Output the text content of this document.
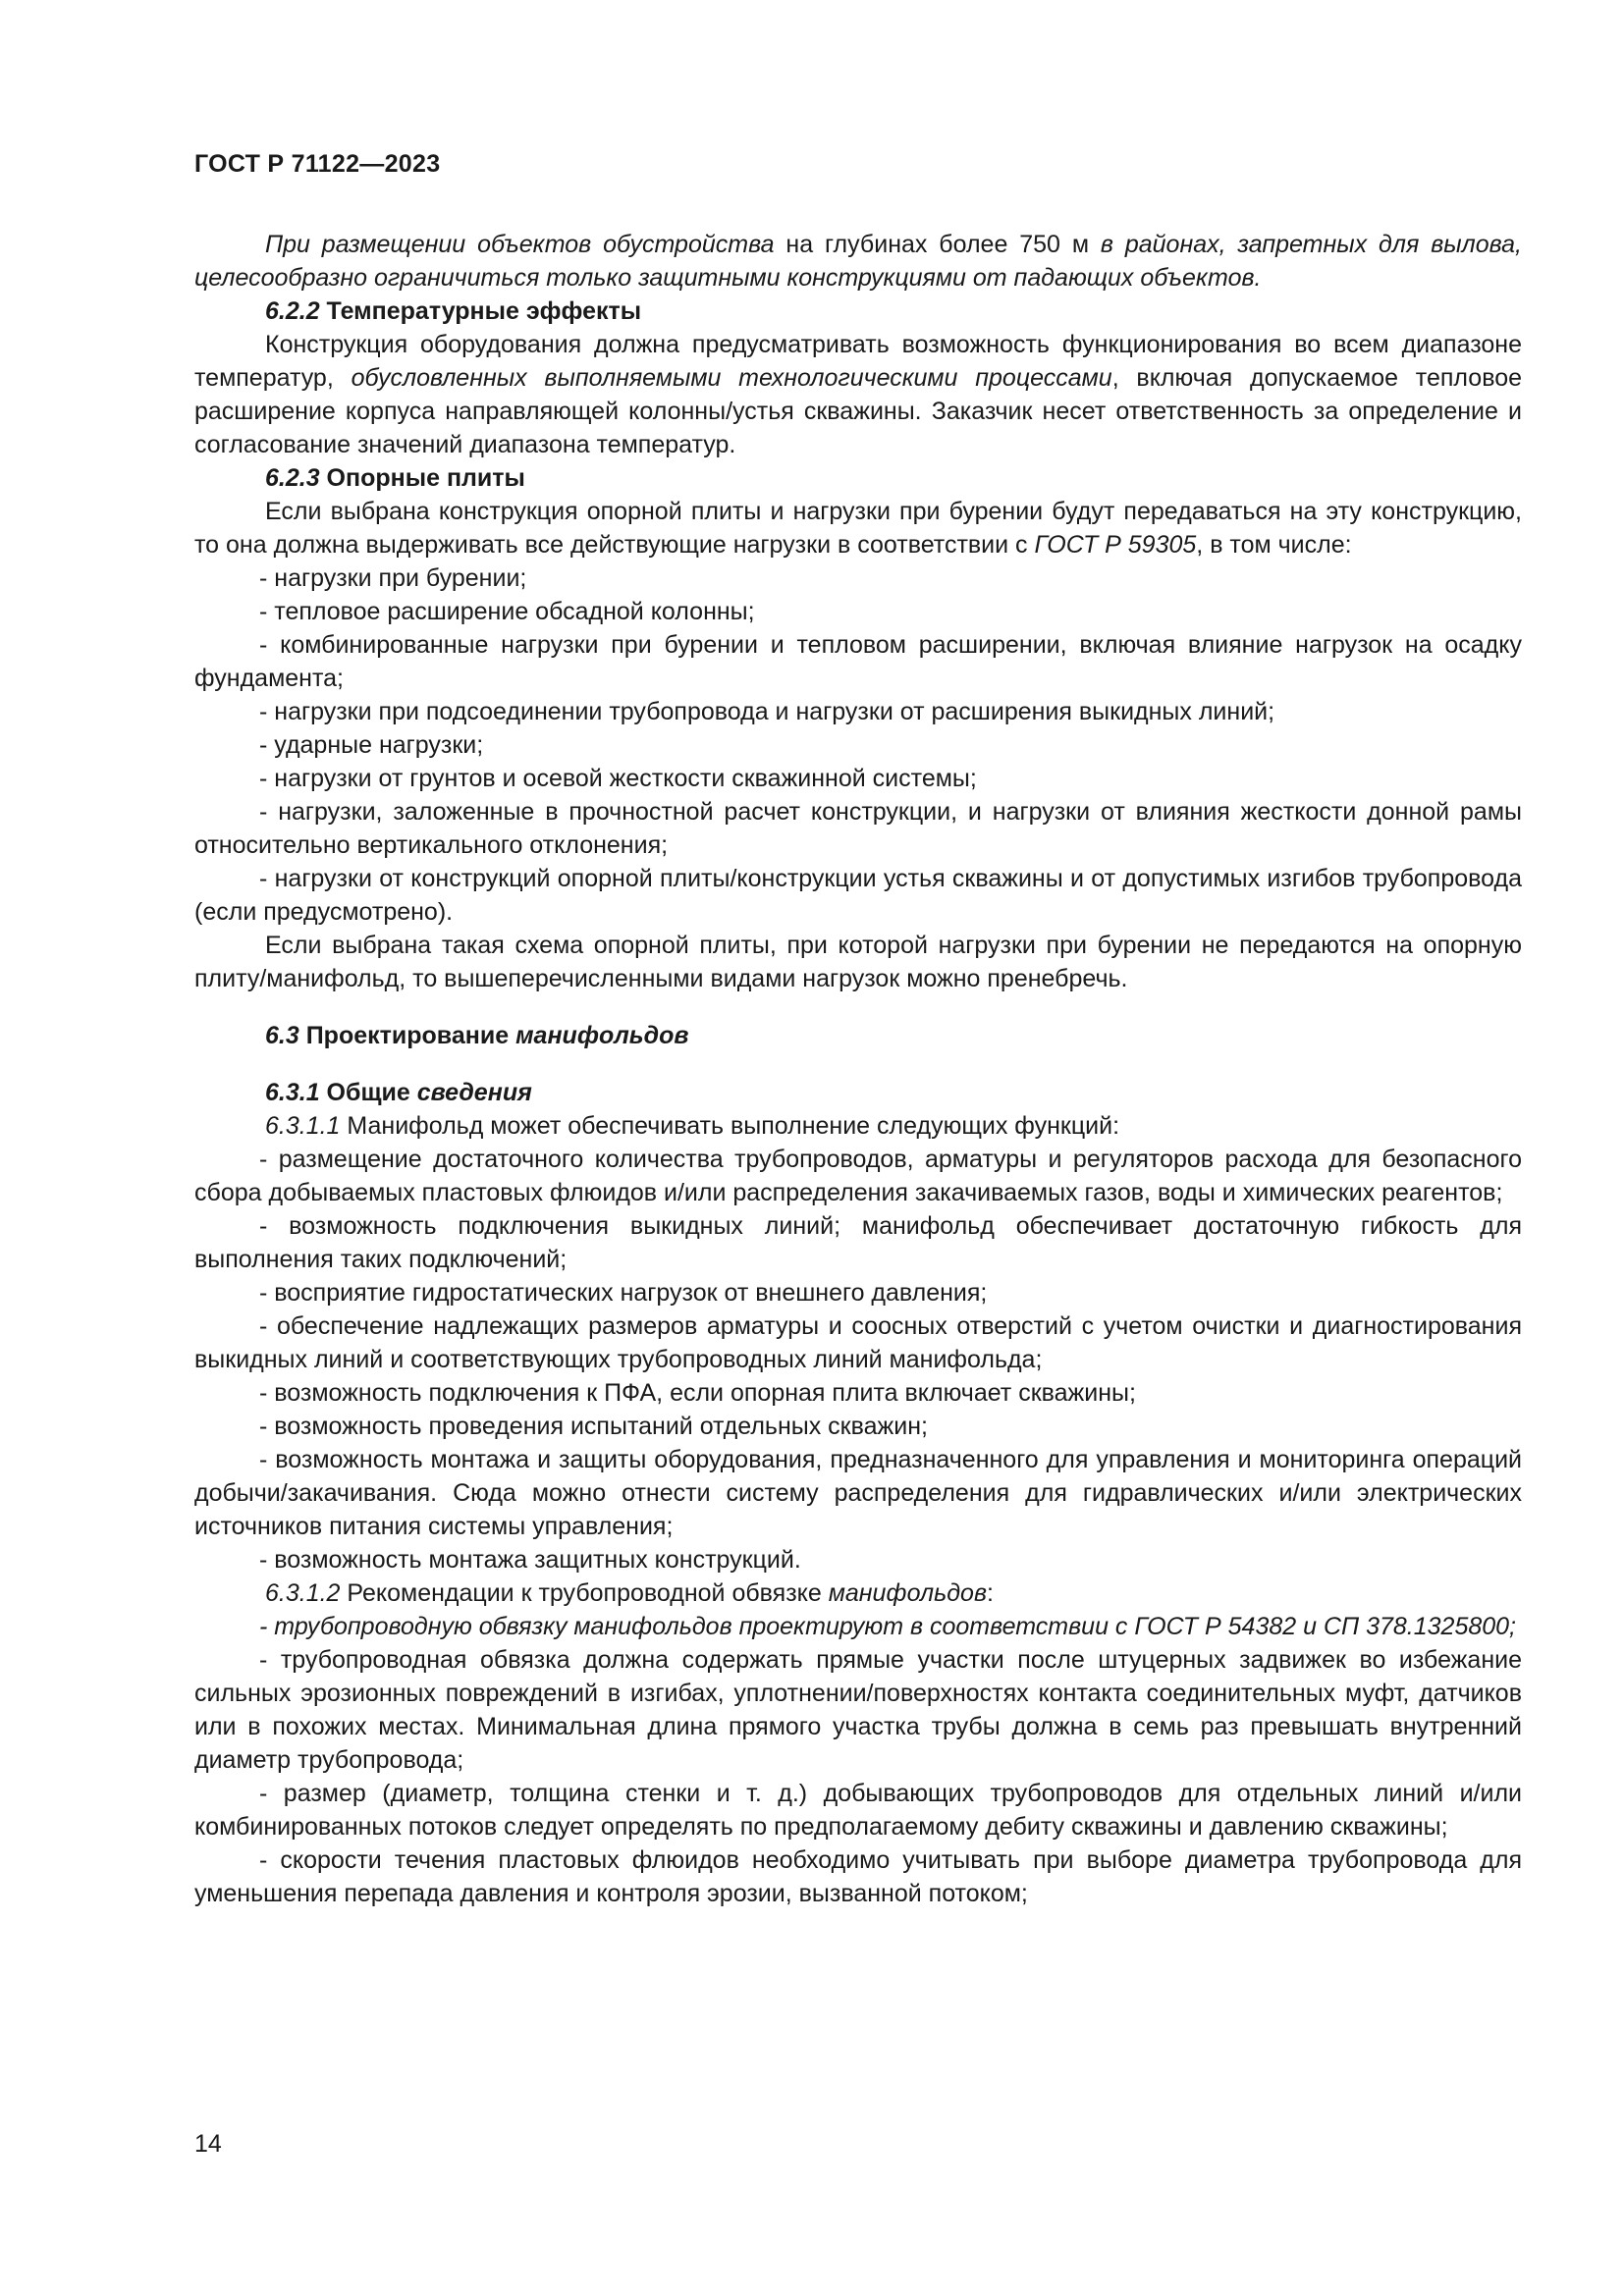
ГОСТ Р 71122—2023

При размещении объектов обустройства на глубинах более 750 м в районах, запретных для вылова, целесообразно ограничиться только защитными конструкциями от падающих объектов.

6.2.2 Температурные эффекты

Конструкция оборудования должна предусматривать возможность функционирования во всем диапазоне температур, обусловленных выполняемыми технологическими процессами, включая допускаемое тепловое расширение корпуса направляющей колонны/устья скважины. Заказчик несет ответственность за определение и согласование значений диапазона температур.

6.2.3 Опорные плиты

Если выбрана конструкция опорной плиты и нагрузки при бурении будут передаваться на эту конструкцию, то она должна выдерживать все действующие нагрузки в соответствии с ГОСТ Р 59305, в том числе:

- нагрузки при бурении;

- тепловое расширение обсадной колонны;

- комбинированные нагрузки при бурении и тепловом расширении, включая влияние нагрузок на осадку фундамента;

- нагрузки при подсоединении трубопровода и нагрузки от расширения выкидных линий;

- ударные нагрузки;

- нагрузки от грунтов и осевой жесткости скважинной системы;

- нагрузки, заложенные в прочностной расчет конструкции, и нагрузки от влияния жесткости донной рамы относительно вертикального отклонения;

- нагрузки от конструкций опорной плиты/конструкции устья скважины и от допустимых изгибов трубопровода (если предусмотрено).

Если выбрана такая схема опорной плиты, при которой нагрузки при бурении не передаются на опорную плиту/манифольд, то вышеперечисленными видами нагрузок можно пренебречь.

6.3 Проектирование манифольдов

6.3.1 Общие сведения

6.3.1.1 Манифольд может обеспечивать выполнение следующих функций:

- размещение достаточного количества трубопроводов, арматуры и регуляторов расхода для безопасного сбора добываемых пластовых флюидов и/или распределения закачиваемых газов, воды и химических реагентов;

- возможность подключения выкидных линий; манифольд обеспечивает достаточную гибкость для выполнения таких подключений;

- восприятие гидростатических нагрузок от внешнего давления;

- обеспечение надлежащих размеров арматуры и соосных отверстий с учетом очистки и диагностирования выкидных линий и соответствующих трубопроводных линий манифольда;

- возможность подключения к ПФА, если опорная плита включает скважины;

- возможность проведения испытаний отдельных скважин;

- возможность монтажа и защиты оборудования, предназначенного для управления и мониторинга операций добычи/закачивания. Сюда можно отнести систему распределения для гидравлических и/или электрических источников питания системы управления;

- возможность монтажа защитных конструкций.

6.3.1.2 Рекомендации к трубопроводной обвязке манифольдов:

- трубопроводную обвязку манифольдов проектируют в соответствии с ГОСТ Р 54382 и СП 378.1325800;

- трубопроводная обвязка должна содержать прямые участки после штуцерных задвижек во избежание сильных эрозионных повреждений в изгибах, уплотнении/поверхностях контакта соединительных муфт, датчиков или в похожих местах. Минимальная длина прямого участка трубы должна в семь раз превышать внутренний диаметр трубопровода;

- размер (диаметр, толщина стенки и т. д.) добывающих трубопроводов для отдельных линий и/или комбинированных потоков следует определять по предполагаемому дебиту скважины и давлению скважины;

- скорости течения пластовых флюидов необходимо учитывать при выборе диаметра трубопровода для уменьшения перепада давления и контроля эрозии, вызванной потоком;

14
